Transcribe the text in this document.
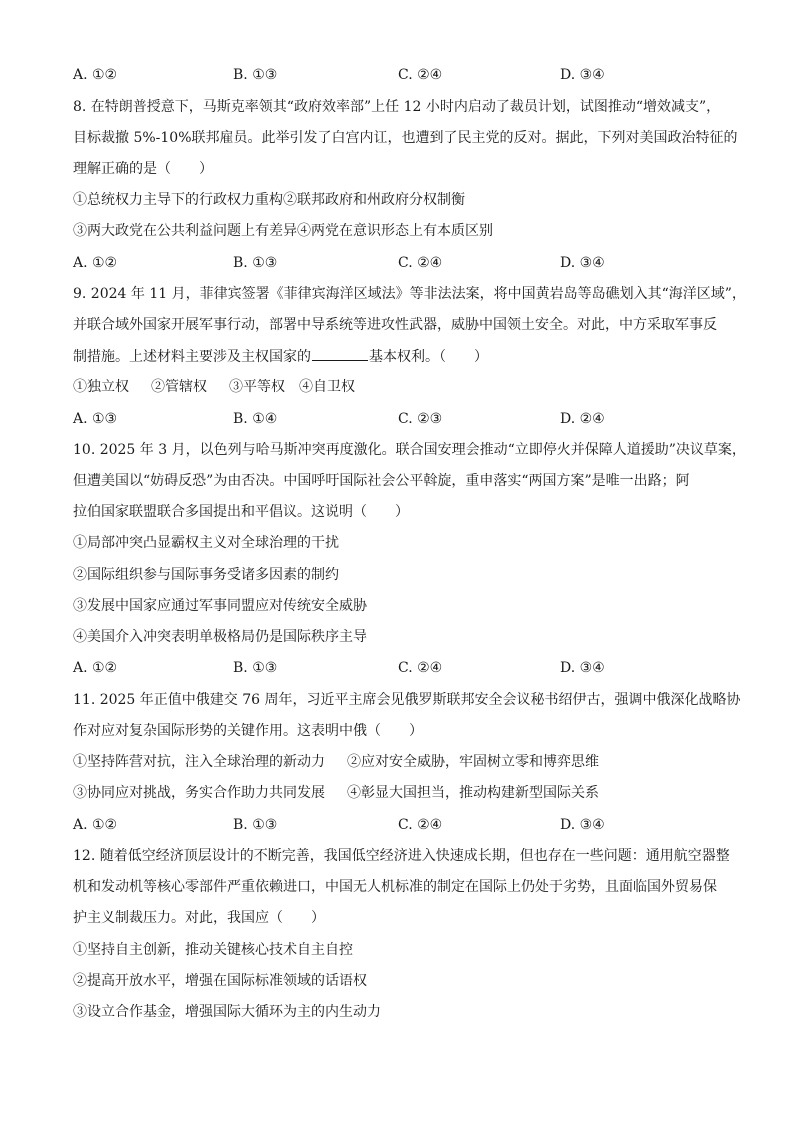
A. ①②	B. ①③	C. ②④	D. ③④
8. 在特朗普授意下，马斯克率领其“政府效率部”上任 12 小时内启动了裁员计划，试图推动“增效减支”，
目标裁撤 5%-10%联邦雇员。此举引发了白宫内讧，也遭到了民主党的反对。据此，下列对美国政治特征的
理解正确的是（　　）
①总统权力主导下的行政权力重构②联邦政府和州政府分权制衡
③两大政党在公共利益问题上有差异④两党在意识形态上有本质区别
A. ①②	B. ①③	C. ②④	D. ③④
9. 2024 年 11 月，菲律宾签署《菲律宾海洋区域法》等非法法案，将中国黄岩岛等岛礁划入其“海洋区域”，
并联合域外国家开展军事行动，部署中导系统等进攻性武器，威胁中国领土安全。对此，中方采取军事反
制措施。上述材料主要涉及主权国家的	基本权利。（　　）
①独立权 ②管辖权 ③平等权 ④自卫权
A. ①③	B. ①④	C. ②③	D. ②④
10. 2025 年 3 月，以色列与哈马斯冲突再度激化。联合国安理会推动“立即停火并保障人道援助”决议草案，
但遭美国以“妨碍反恐”为由否决。中国呼吁国际社会公平斡旋，重申落实“两国方案”是唯一出路；阿
拉伯国家联盟联合多国提出和平倡议。这说明（　　）
①局部冲突凸显霸权主义对全球治理的干扰
②国际组织参与国际事务受诸多因素的制约
③发展中国家应通过军事同盟应对传统安全威胁
④美国介入冲突表明单极格局仍是国际秩序主导
A. ①②	B. ①③	C. ②④	D. ③④
11. 2025 年正值中俄建交 76 周年，习近平主席会见俄罗斯联邦安全会议秘书绍伊古，强调中俄深化战略协
作对应对复杂国际形势的关键作用。这表明中俄（　　）
①坚持阵营对抗，注入全球治理的新动力 ②应对安全威胁，牢固树立零和博弈思维
③协同应对挑战，务实合作助力共同发展 ④彰显大国担当，推动构建新型国际关系
A. ①②	B. ①③	C. ②④	D. ③④
12. 随着低空经济顶层设计的不断完善，我国低空经济进入快速成长期，但也存在一些问题：通用航空器整
机和发动机等核心零部件严重依赖进口，中国无人机标准的制定在国际上仍处于劣势，且面临国外贸易保
护主义制裁压力。对此，我国应（　　）
①坚持自主创新，推动关键核心技术自主自控
②提高开放水平，增强在国际标准领域的话语权
③设立合作基金，增强国际大循环为主的内生动力
